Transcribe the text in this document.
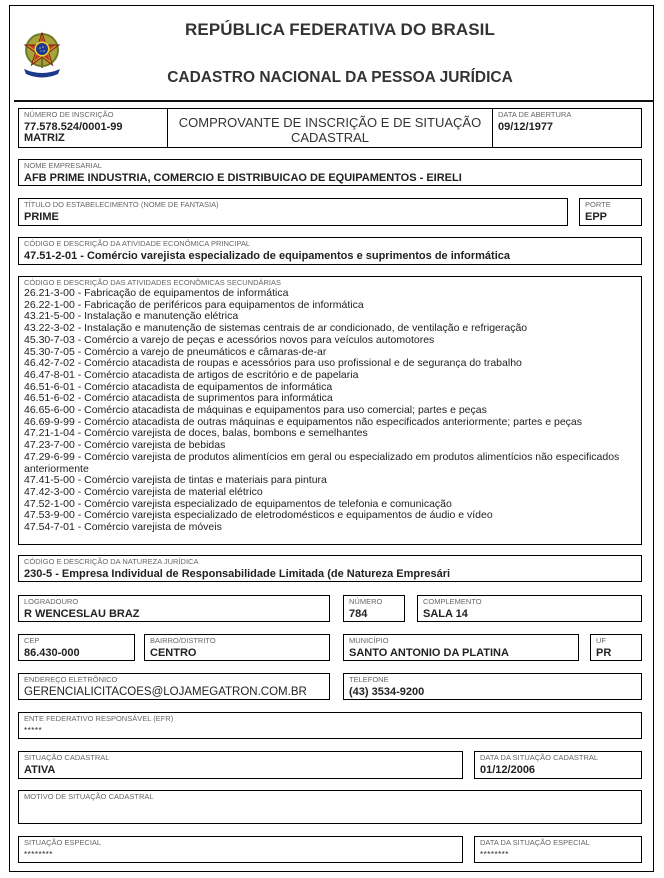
REPÚBLICA FEDERATIVA DO BRASIL
CADASTRO NACIONAL DA PESSOA JURÍDICA
NÚMERO DE INSCRIÇÃO
77.578.524/0001-99
MATRIZ
COMPROVANTE DE INSCRIÇÃO E DE SITUAÇÃO
CADASTRAL
DATA DE ABERTURA
09/12/1977
NOME EMPRESARIAL
AFB PRIME INDUSTRIA, COMERCIO E DISTRIBUICAO DE EQUIPAMENTOS - EIRELI
TÍTULO DO ESTABELECIMENTO (NOME DE FANTASIA)
PRIME
PORTE
EPP
CÓDIGO E DESCRIÇÃO DA ATIVIDADE ECONÔMICA PRINCIPAL
47.51-2-01 - Comércio varejista especializado de equipamentos e suprimentos de informática
CÓDIGO E DESCRIÇÃO DAS ATIVIDADES ECONÔMICAS SECUNDÁRIAS
26.21-3-00 - Fabricação de equipamentos de informática
26.22-1-00 - Fabricação de periféricos para equipamentos de informática
43.21-5-00 - Instalação e manutenção elétrica
43.22-3-02 - Instalação e manutenção de sistemas centrais de ar condicionado, de ventilação e refrigeração
45.30-7-03 - Comércio a varejo de peças e acessórios novos para veículos automotores
45.30-7-05 - Comércio a varejo de pneumáticos e câmaras-de-ar
46.42-7-02 - Comércio atacadista de roupas e acessórios para uso profissional e de segurança do trabalho
46.47-8-01 - Comércio atacadista de artigos de escritório e de papelaria
46.51-6-01 - Comércio atacadista de equipamentos de informática
46.51-6-02 - Comércio atacadista de suprimentos para informática
46.65-6-00 - Comércio atacadista de máquinas e equipamentos para uso comercial; partes e peças
46.69-9-99 - Comércio atacadista de outras máquinas e equipamentos não especificados anteriormente; partes e peças
47.21-1-04 - Comércio varejista de doces, balas, bombons e semelhantes
47.23-7-00 - Comércio varejista de bebidas
47.29-6-99 - Comércio varejista de produtos alimentícios em geral ou especializado em produtos alimentícios não especificados anteriormente
47.41-5-00 - Comércio varejista de tintas e materiais para pintura
47.42-3-00 - Comércio varejista de material elétrico
47.52-1-00 - Comércio varejista especializado de equipamentos de telefonia e comunicação
47.53-9-00 - Comércio varejista especializado de eletrodomésticos e equipamentos de áudio e vídeo
47.54-7-01 - Comércio varejista de móveis
CÓDIGO E DESCRIÇÃO DA NATUREZA JURÍDICA
230-5 - Empresa Individual de Responsabilidade Limitada (de Natureza Empresári
LOGRADOURO
R WENCESLAU BRAZ
NÚMERO
784
COMPLEMENTO
SALA 14
CEP
86.430-000
BAIRRO/DISTRITO
CENTRO
MUNICÍPIO
SANTO ANTONIO DA PLATINA
UF
PR
ENDEREÇO ELETRÔNICO
GERENCIALICITACOES@LOJAMEGATRON.COM.BR
TELEFONE
(43) 3534-9200
ENTE FEDERATIVO RESPONSÁVEL (EFR)
*****
SITUAÇÃO CADASTRAL
ATIVA
DATA DA SITUAÇÃO CADASTRAL
01/12/2006
MOTIVO DE SITUAÇÃO CADASTRAL
SITUAÇÃO ESPECIAL
********
DATA DA SITUAÇÃO ESPECIAL
********
